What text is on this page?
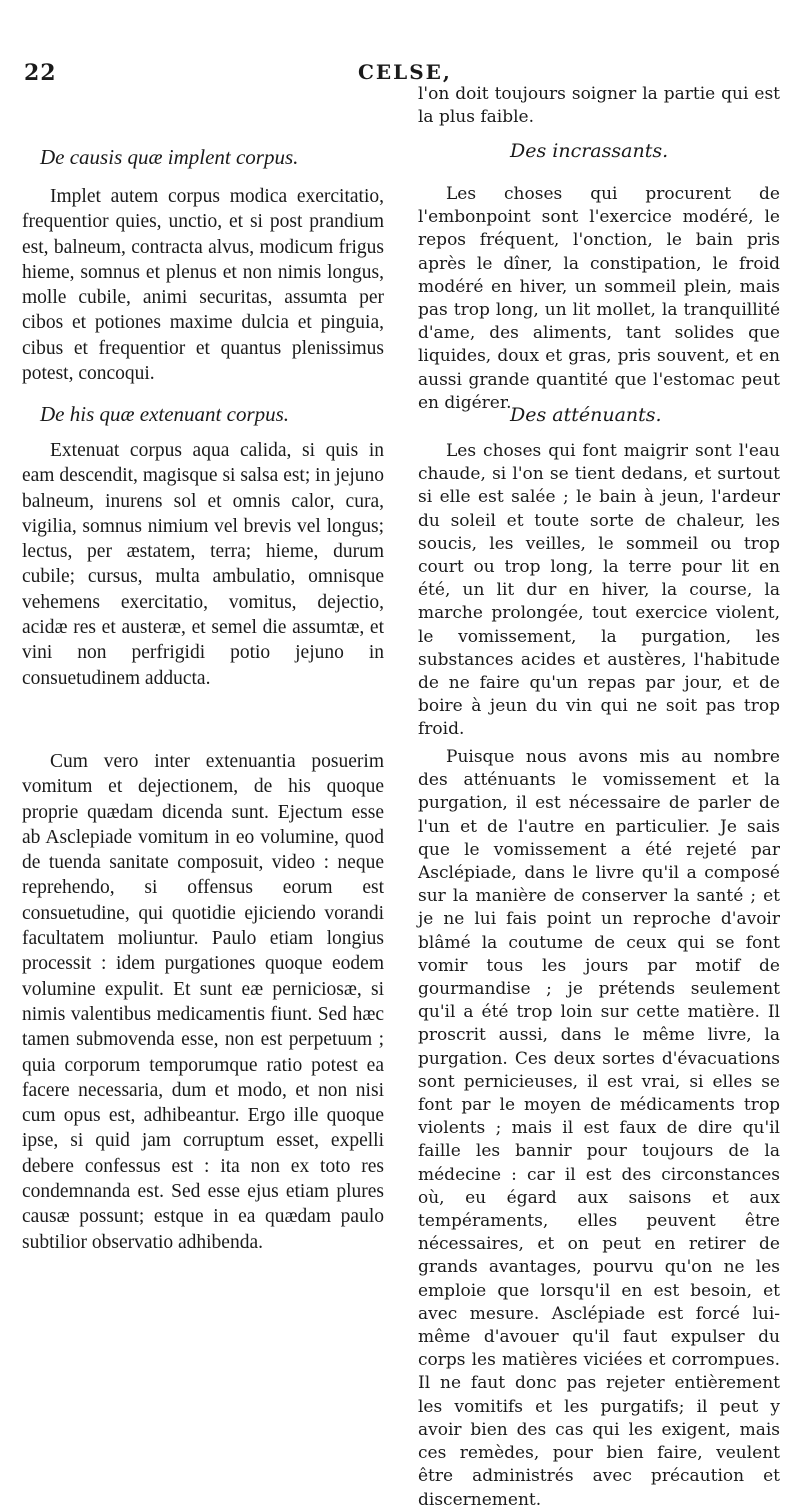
22	CELSE,
De causis quæ implent corpus.
Implet autem corpus modica exercitatio, frequentior quies, unctio, et si post prandium est, balneum, contracta alvus, modicum frigus hieme, somnus et plenus et non nimis longus, molle cubile, animi securitas, assumta per cibos et potiones maxime dulcia et pinguia, cibus et frequentior et quantus plenissimus potest, concoqui.
De his quæ extenuant corpus.
Extenuat corpus aqua calida, si quis in eam descendit, magisque si salsa est; in jejuno balneum, inurens sol et omnis calor, cura, vigilia, somnus nimium vel brevis vel longus; lectus, per æstatem, terra; hieme, durum cubile; cursus, multa ambulatio, omnisque vehemens exercitatio, vomitus, dejectio, acidæ res et austeræ, et semel die assumtæ, et vini non perfrigidi potio jejuno in consuetudinem adducta.
Cum vero inter extenuantia posuerim vomitum et dejectionem, de his quoque proprie quædam dicenda sunt. Ejectum esse ab Asclepiade vomitum in eo volumine, quod de tuenda sanitate composuit, video : neque reprehendo, si offensus eorum est consuetudine, qui quotidie ejiciendo vorandi facultatem moliuntur. Paulo etiam longius processit : idem purgationes quoque eodem volumine expulit. Et sunt eæ perniciosæ, si nimis valentibus medicamentis fiunt. Sed hæc tamen submovenda esse, non est perpetuum ; quia corporum temporumque ratio potest ea facere necessaria, dum et modo, et non nisi cum opus est, adhibeantur. Ergo ille quoque ipse, si quid jam corruptum esset, expelli debere confessus est : ita non ex toto res condemnanda est. Sed esse ejus etiam plures causæ possunt; estque in ea quædam paulo subtilior observatio adhibenda.
l'on doit toujours soigner la partie qui est la plus faible.
Des incrassants.
Les choses qui procurent de l'embonpoint sont l'exercice modéré, le repos fréquent, l'onction, le bain pris après le dîner, la constipation, le froid modéré en hiver, un sommeil plein, mais pas trop long, un lit mollet, la tranquillité d'ame, des aliments, tant solides que liquides, doux et gras, pris souvent, et en aussi grande quantité que l'estomac peut en digérer.
Des atténuants.
Les choses qui font maigrir sont l'eau chaude, si l'on se tient dedans, et surtout si elle est salée ; le bain à jeun, l'ardeur du soleil et toute sorte de chaleur, les soucis, les veilles, le sommeil ou trop court ou trop long, la terre pour lit en été, un lit dur en hiver, la course, la marche prolongée, tout exercice violent, le vomissement, la purgation, les substances acides et austères, l'habitude de ne faire qu'un repas par jour, et de boire à jeun du vin qui ne soit pas trop froid.
Puisque nous avons mis au nombre des atténuants le vomissement et la purgation, il est nécessaire de parler de l'un et de l'autre en particulier. Je sais que le vomissement a été rejeté par Asclépiade, dans le livre qu'il a composé sur la manière de conserver la santé ; et je ne lui fais point un reproche d'avoir blâmé la coutume de ceux qui se font vomir tous les jours par motif de gourmandise ; je prétends seulement qu'il a été trop loin sur cette matière. Il proscrit aussi, dans le même livre, la purgation. Ces deux sortes d'évacuations sont pernicieuses, il est vrai, si elles se font par le moyen de médicaments trop violents ; mais il est faux de dire qu'il faille les bannir pour toujours de la médecine : car il est des circonstances où, eu égard aux saisons et aux tempéraments, elles peuvent être nécessaires, et on peut en retirer de grands avantages, pourvu qu'on ne les emploie que lorsqu'il en est besoin, et avec mesure. Asclépiade est forcé lui-même d'avouer qu'il faut expulser du corps les matières viciées et corrompues. Il ne faut donc pas rejeter entièrement les vomitifs et les purgatifs; il peut y avoir bien des cas qui les exigent, mais ces remèdes, pour bien faire, veulent être administrés avec précaution et discernement.
